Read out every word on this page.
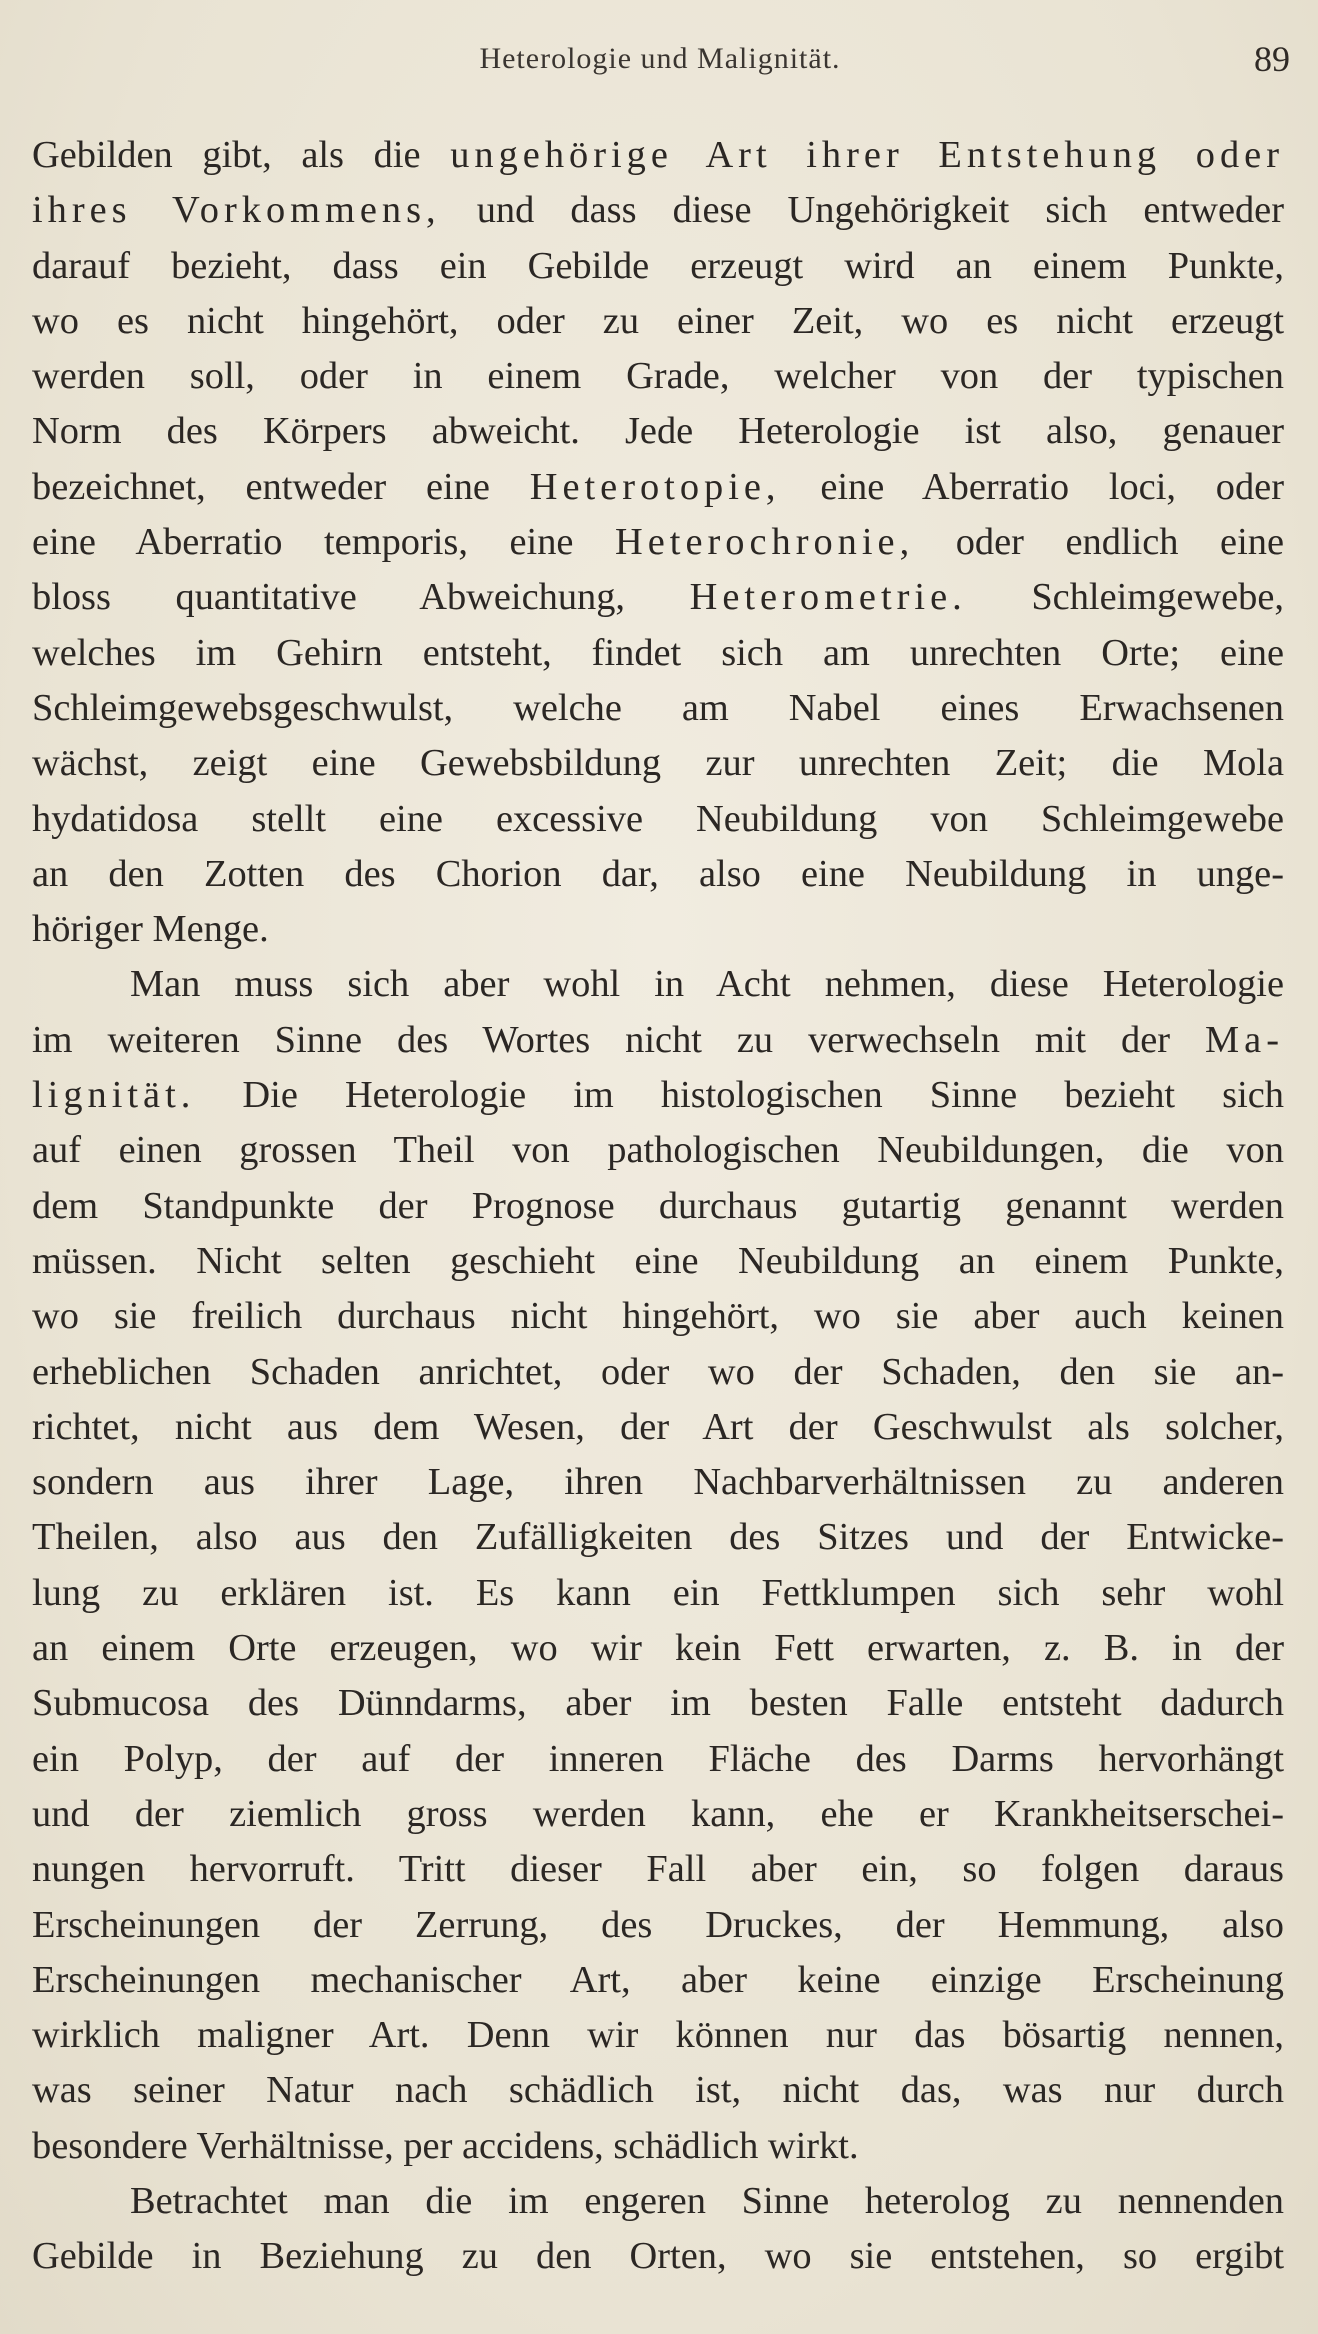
Heterologie und Malignität.	89

Gebilden gibt, als die ungehörige Art ihrer Entstehung oder
ihres Vorkommens, und dass diese Ungehörigkeit sich entweder
darauf bezieht, dass ein Gebilde erzeugt wird an einem Punkte,
wo es nicht hingehört, oder zu einer Zeit, wo es nicht erzeugt
werden soll, oder in einem Grade, welcher von der typischen
Norm des Körpers abweicht. Jede Heterologie ist also, genauer
bezeichnet, entweder eine Heterotopie, eine Aberratio loci, oder
eine Aberratio temporis, eine Heterochronie, oder endlich eine
bloss quantitative Abweichung, Heterometrie. Schleimgewebe,
welches im Gehirn entsteht, findet sich am unrechten Orte; eine
Schleimgewebsgeschwulst, welche am Nabel eines Erwachsenen
wächst, zeigt eine Gewebsbildung zur unrechten Zeit; die Mola
hydatidosa stellt eine excessive Neubildung von Schleimgewebe
an den Zotten des Chorion dar, also eine Neubildung in unge-
höriger Menge.

Man muss sich aber wohl in Acht nehmen, diese Heterologie
im weiteren Sinne des Wortes nicht zu verwechseln mit der Ma-
lignität. Die Heterologie im histologischen Sinne bezieht sich
auf einen grossen Theil von pathologischen Neubildungen, die von
dem Standpunkte der Prognose durchaus gutartig genannt werden
müssen. Nicht selten geschieht eine Neubildung an einem Punkte,
wo sie freilich durchaus nicht hingehört, wo sie aber auch keinen
erheblichen Schaden anrichtet, oder wo der Schaden, den sie an-
richtet, nicht aus dem Wesen, der Art der Geschwulst als solcher,
sondern aus ihrer Lage, ihren Nachbarverhältnissen zu anderen
Theilen, also aus den Zufälligkeiten des Sitzes und der Entwicke-
lung zu erklären ist. Es kann ein Fettklumpen sich sehr wohl
an einem Orte erzeugen, wo wir kein Fett erwarten, z. B. in der
Submucosa des Dünndarms, aber im besten Falle entsteht dadurch
ein Polyp, der auf der inneren Fläche des Darms hervorhängt
und der ziemlich gross werden kann, ehe er Krankheitserschei-
nungen hervorruft. Tritt dieser Fall aber ein, so folgen daraus
Erscheinungen der Zerrung, des Druckes, der Hemmung, also
Erscheinungen mechanischer Art, aber keine einzige Erscheinung
wirklich maligner Art. Denn wir können nur das bösartig nennen,
was seiner Natur nach schädlich ist, nicht das, was nur durch
besondere Verhältnisse, per accidens, schädlich wirkt.

Betrachtet man die im engeren Sinne heterolog zu nennenden
Gebilde in Beziehung zu den Orten, wo sie entstehen, so ergibt
